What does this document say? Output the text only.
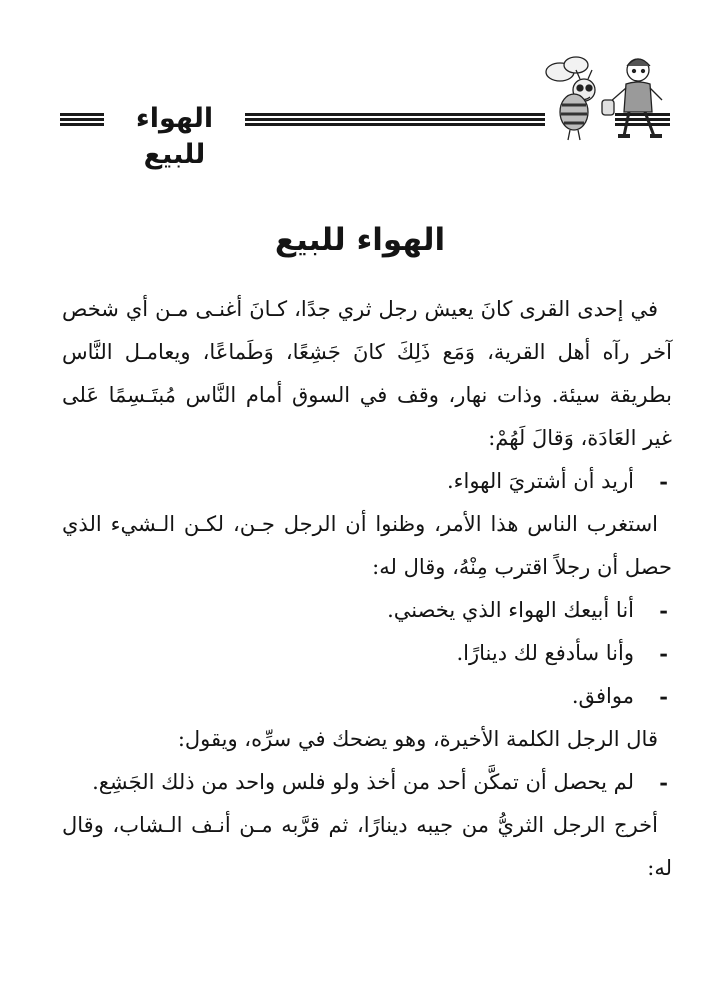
الهواء للبيع
الهواء للبيع

في إحدى القرى كانَ يعيش رجل ثري جدًا، كـانَ أغنـى مـن أي شخص آخر رآه أهل القرية، وَمَع ذَلِكَ كانَ جَشِعًا، وَطَماعًا، ويعامـل النَّاس بطريقة سيئة. وذات نهار، وقف في السوق أمام النَّاس مُبتَـسِمًا عَلى غير العَادَة، وَقالَ لَهُمْ:

-
أريد أن أشتريَ الهواء.

استغرب الناس هذا الأمر، وظنوا أن الرجل جـن، لكـن الـشيء الذي حصل أن رجلاً اقترب مِنْهُ، وقال له:

-
أنا أبيعك الهواء الذي يخصني.

-
وأنا سأدفع لك دينارًا.

-
موافق.

قال الرجل الكلمة الأخيرة، وهو يضحك في سرِّه، ويقول:

-
لم يحصل أن تمكَّن أحد من أخذ ولو فلس واحد من ذلك الجَشِع.

أخرج الرجل الثريُّ من جيبه دينارًا، ثم قرَّبه مـن أنـف الـشاب، وقال له:
